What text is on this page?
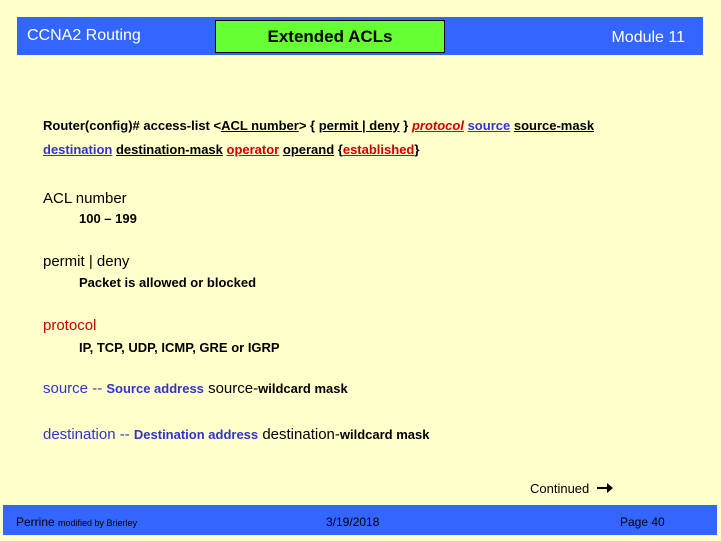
CCNA2 Routing	Extended ACLs	Module 11
Router(config)# access-list <ACL number> { permit | deny } protocol source source-mask
destination destination-mask operator operand {established}
ACL number
100 – 199
permit | deny
Packet is allowed or blocked
protocol
IP, TCP, UDP, ICMP, GRE or IGRP
source -- Source address source-wildcard mask
destination -- Destination address destination-wildcard mask
Continued
Perrine modified by Brierley	3/19/2018	Page 40
